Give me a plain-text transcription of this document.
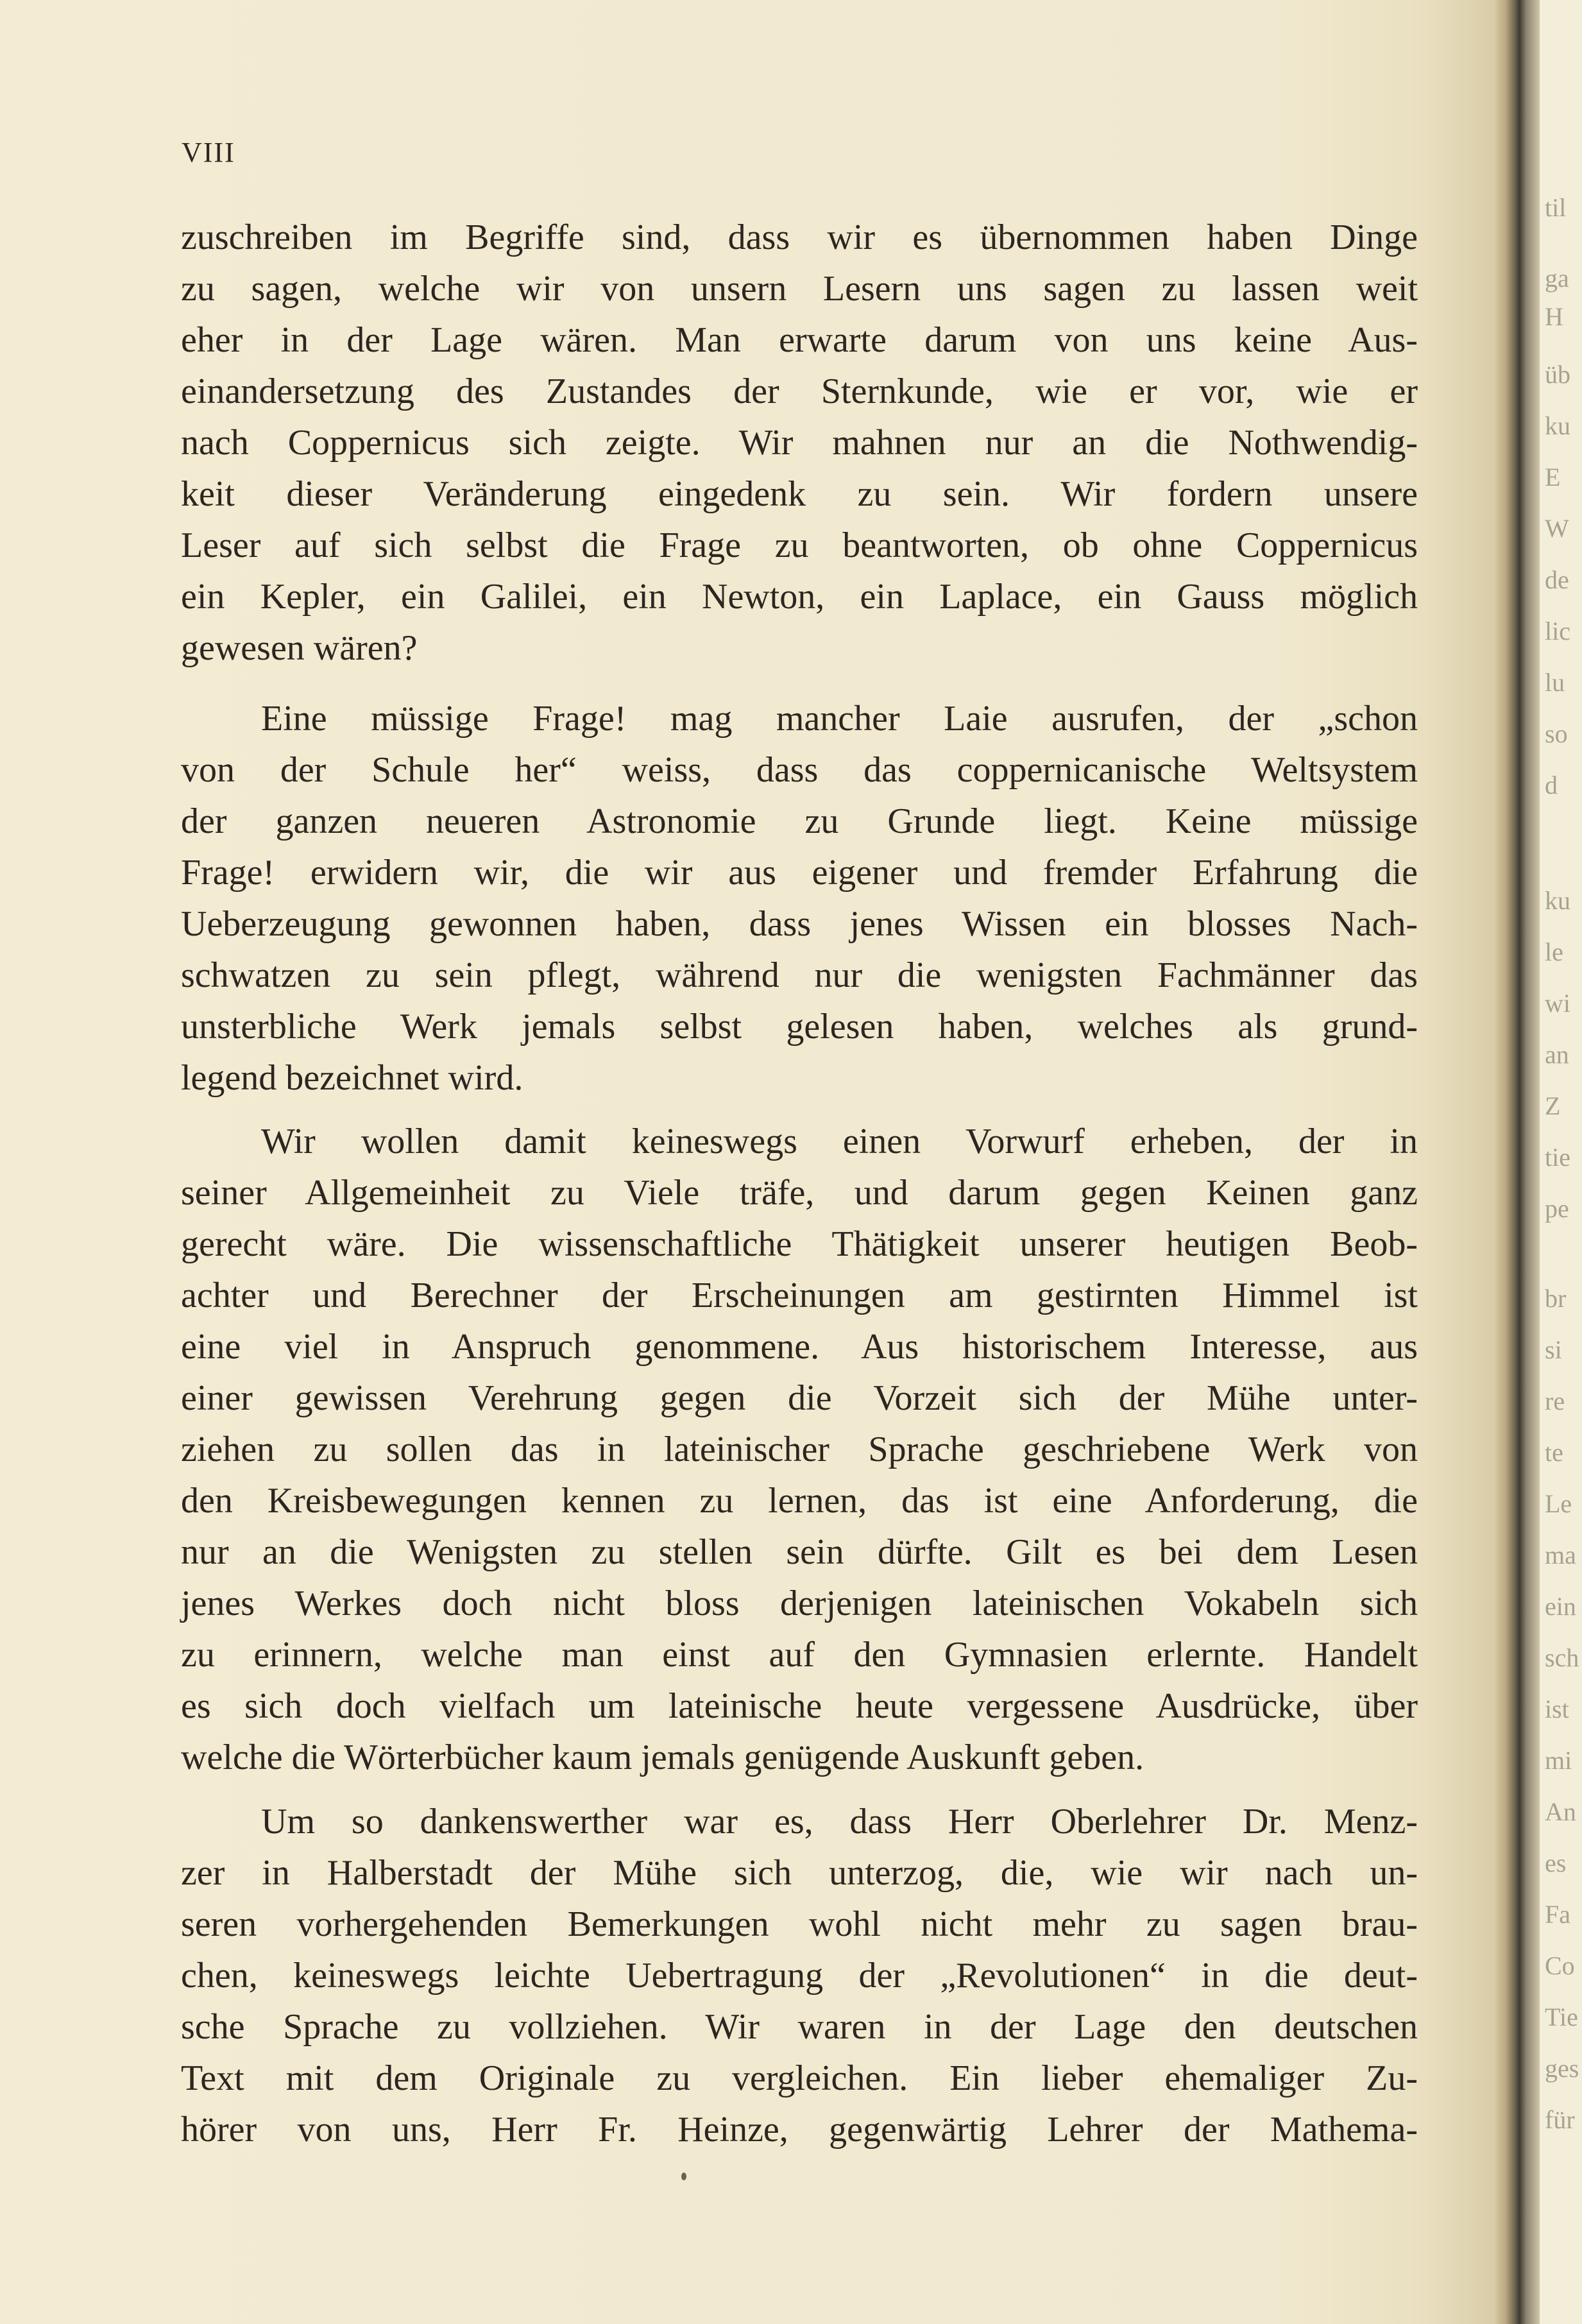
VIII
zuschreiben im Begriffe sind, dass wir es übernommen haben Dinge
zu sagen, welche wir von unsern Lesern uns sagen zu lassen weit
eher in der Lage wären. Man erwarte darum von uns keine Aus-
einandersetzung des Zustandes der Sternkunde, wie er vor, wie er
nach Coppernicus sich zeigte. Wir mahnen nur an die Nothwendig-
keit dieser Veränderung eingedenk zu sein. Wir fordern unsere
Leser auf sich selbst die Frage zu beantworten, ob ohne Coppernicus
ein Kepler, ein Galilei, ein Newton, ein Laplace, ein Gauss möglich
gewesen wären?
Eine müssige Frage! mag mancher Laie ausrufen, der „schon
von der Schule her“ weiss, dass das coppernicanische Weltsystem
der ganzen neueren Astronomie zu Grunde liegt. Keine müssige
Frage! erwidern wir, die wir aus eigener und fremder Erfahrung die
Ueberzeugung gewonnen haben, dass jenes Wissen ein blosses Nach-
schwatzen zu sein pflegt, während nur die wenigsten Fachmänner das
unsterbliche Werk jemals selbst gelesen haben, welches als grund-
legend bezeichnet wird.
Wir wollen damit keineswegs einen Vorwurf erheben, der in
seiner Allgemeinheit zu Viele träfe, und darum gegen Keinen ganz
gerecht wäre. Die wissenschaftliche Thätigkeit unserer heutigen Beob-
achter und Berechner der Erscheinungen am gestirnten Himmel ist
eine viel in Anspruch genommene. Aus historischem Interesse, aus
einer gewissen Verehrung gegen die Vorzeit sich der Mühe unter-
ziehen zu sollen das in lateinischer Sprache geschriebene Werk von
den Kreisbewegungen kennen zu lernen, das ist eine Anforderung, die
nur an die Wenigsten zu stellen sein dürfte. Gilt es bei dem Lesen
jenes Werkes doch nicht bloss derjenigen lateinischen Vokabeln sich
zu erinnern, welche man einst auf den Gymnasien erlernte. Handelt
es sich doch vielfach um lateinische heute vergessene Ausdrücke, über
welche die Wörterbücher kaum jemals genügende Auskunft geben.
Um so dankenswerther war es, dass Herr Oberlehrer Dr. Menz-
zer in Halberstadt der Mühe sich unterzog, die, wie wir nach un-
seren vorhergehenden Bemerkungen wohl nicht mehr zu sagen brau-
chen, keineswegs leichte Uebertragung der „Revolutionen“ in die deut-
sche Sprache zu vollziehen. Wir waren in der Lage den deutschen
Text mit dem Originale zu vergleichen. Ein lieber ehemaliger Zu-
hörer von uns, Herr Fr. Heinze, gegenwärtig Lehrer der Mathema-
til
ga
H
üb
ku
E
W
de
lic
lu
so
d
ku
le
wi
an
Z
tie
pe
br
si
re
te
Le
ma
ein
sch
ist
mi
An
es
Fa
Co
Tie
ges
für
